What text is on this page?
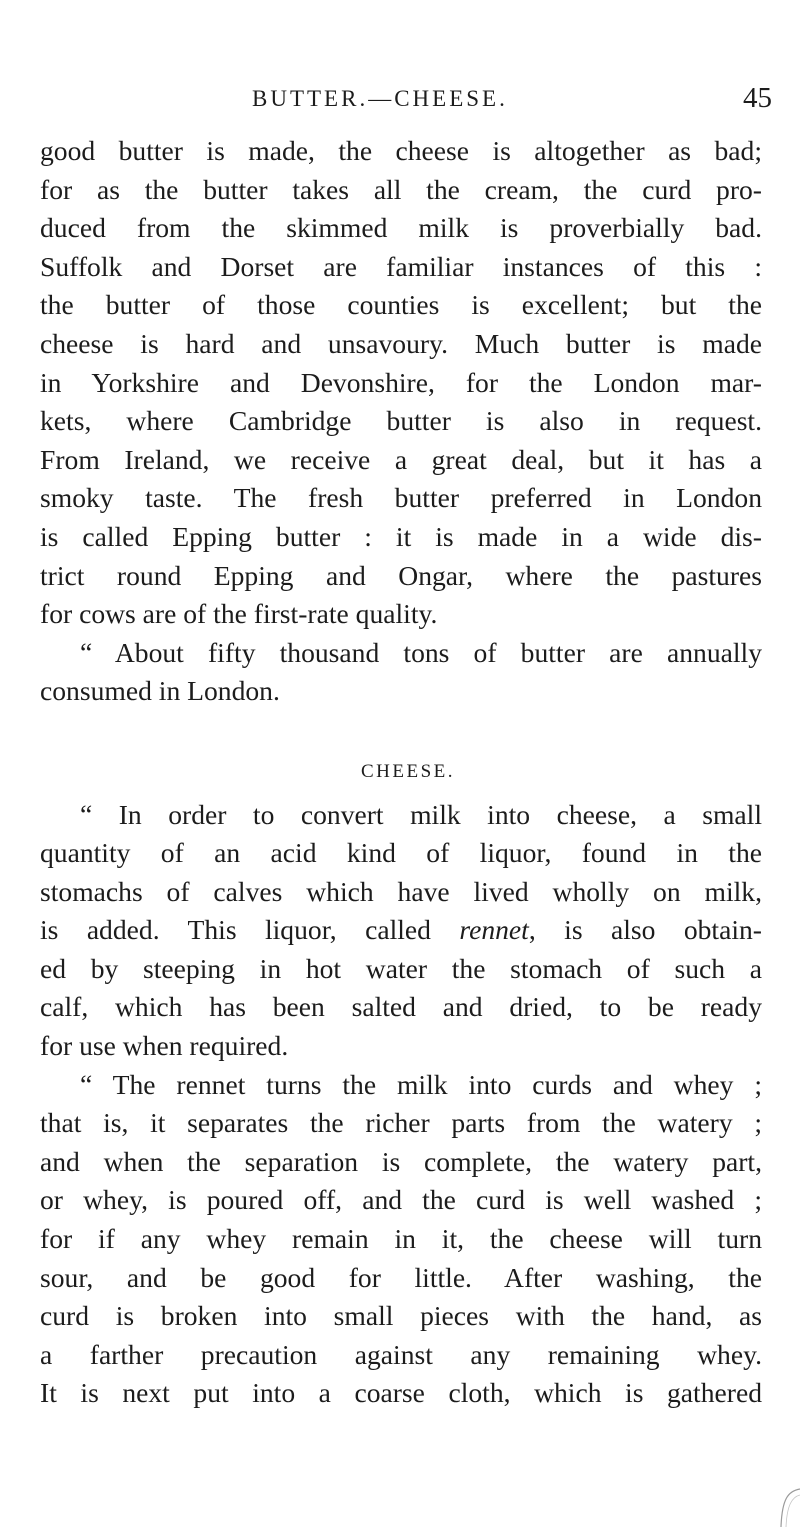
BUTTER.—CHEESE.	45
good butter is made, the cheese is altogether as bad;
for as the butter takes all the cream, the curd pro-
duced from the skimmed milk is proverbially bad.
Suffolk and Dorset are familiar instances of this :
the butter of those counties is excellent; but the
cheese is hard and unsavoury. Much butter is made
in Yorkshire and Devonshire, for the London mar-
kets, where Cambridge butter is also in request.
From Ireland, we receive a great deal, but it has a
smoky taste. The fresh butter preferred in London
is called Epping butter : it is made in a wide dis-
trict round Epping and Ongar, where the pastures
for cows are of the first-rate quality.
“ About fifty thousand tons of butter are annually
consumed in London.
CHEESE.
“ In order to convert milk into cheese, a small
quantity of an acid kind of liquor, found in the
stomachs of calves which have lived wholly on milk,
is added. This liquor, called rennet, is also obtain-
ed by steeping in hot water the stomach of such a
calf, which has been salted and dried, to be ready
for use when required.
“ The rennet turns the milk into curds and whey ;
that is, it separates the richer parts from the watery ;
and when the separation is complete, the watery part,
or whey, is poured off, and the curd is well washed ;
for if any whey remain in it, the cheese will turn
sour, and be good for little. After washing, the
curd is broken into small pieces with the hand, as
a farther precaution against any remaining whey.
It is next put into a coarse cloth, which is gathered
